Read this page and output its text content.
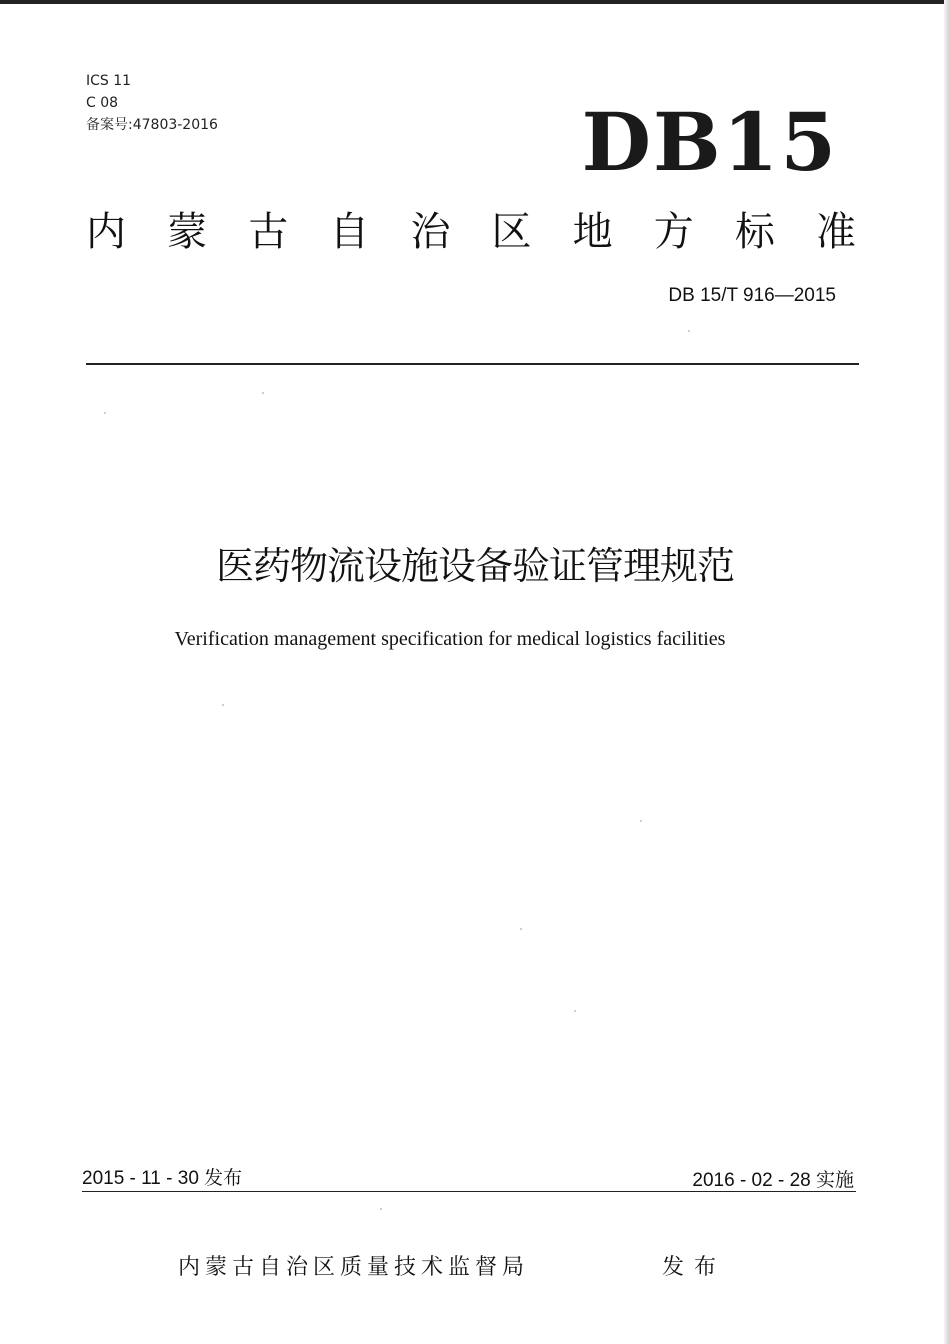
ICS 11
C 08
备案号:47803-2016	DB15
内 蒙 古 自 治 区 地 方 标 准
DB 15/T 916—2015
医药物流设施设备验证管理规范
Verification management specification for medical logistics facilities
2015 - 11 - 30 发布	2016 - 02 - 28 实施
内蒙古自治区质量技术监督局	发布
